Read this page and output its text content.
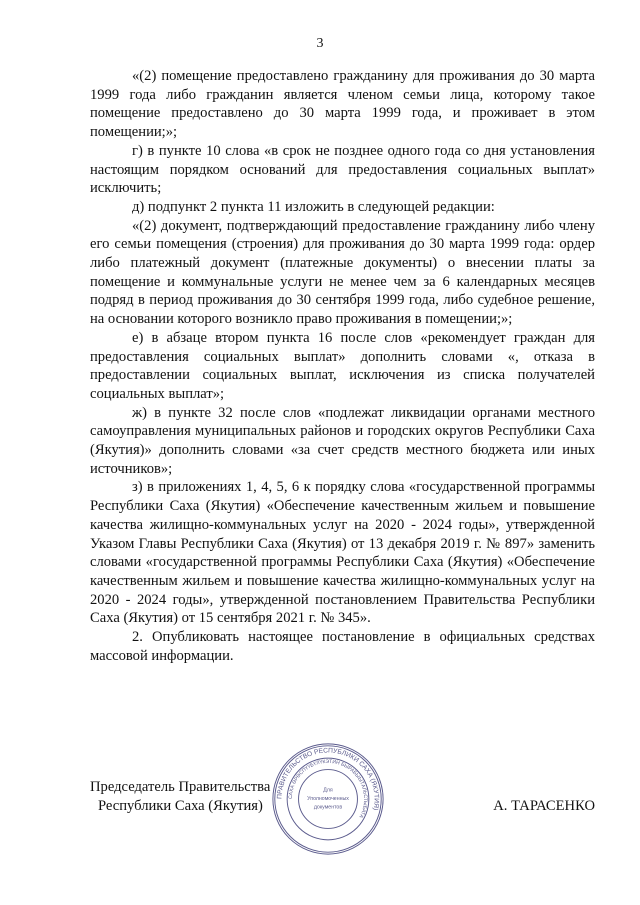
3

«(2) помещение предоставлено гражданину для проживания до 30 марта 1999 года либо гражданин является членом семьи лица, которому такое помещение предоставлено до 30 марта 1999 года, и проживает в этом помещении;»;

г) в пункте 10 слова «в срок не позднее одного года со дня установления настоящим порядком оснований для предоставления социальных выплат» исключить;

д) подпункт 2 пункта 11 изложить в следующей редакции:

«(2) документ, подтверждающий предоставление гражданину либо члену его семьи помещения (строения) для проживания до 30 марта 1999 года: ордер либо платежный документ (платежные документы) о внесении платы за помещение и коммунальные услуги не менее чем за 6 календарных месяцев подряд в период проживания до 30 сентября 1999 года, либо судебное решение, на основании которого возникло право проживания в помещении;»;

е) в абзаце втором пункта 16 после слов «рекомендует граждан для предоставления социальных выплат» дополнить словами «, отказа в предоставлении социальных выплат, исключения из списка получателей социальных выплат»;

ж) в пункте 32 после слов «подлежат ликвидации органами местного самоуправления муниципальных районов и городских округов Республики Саха (Якутия)» дополнить словами «за счет средств местного бюджета или иных источников»;

з) в приложениях 1, 4, 5, 6 к порядку слова «государственной программы Республики Саха (Якутия) «Обеспечение качественным жильем и повышение качества жилищно-коммунальных услуг на 2020 - 2024 годы», утвержденной Указом Главы Республики Саха (Якутия) от 13 декабря 2019 г. № 897» заменить словами «государственной программы Республики Саха (Якутия) «Обеспечение качественным жильем и повышение качества жилищно-коммунальных услуг на 2020 - 2024 годы», утвержденной постановлением Правительства Республики Саха (Якутия) от 15 сентября 2021 г. № 345».

2. Опубликовать настоящее постановление в официальных средствах массовой информации.

ПРАВИТЕЛЬСТВО РЕСПУБЛИКИ САХА (ЯКУТИЯ)
САХА ӨРӨСПҮҮБҮЛҮКЭТИН БЫРАБЫЫТАЛЬСТЫБАТА
Для
Уполномоченных
документов
Председатель Правительства
Республики Саха (Якутия)	А. ТАРАСЕНКО
